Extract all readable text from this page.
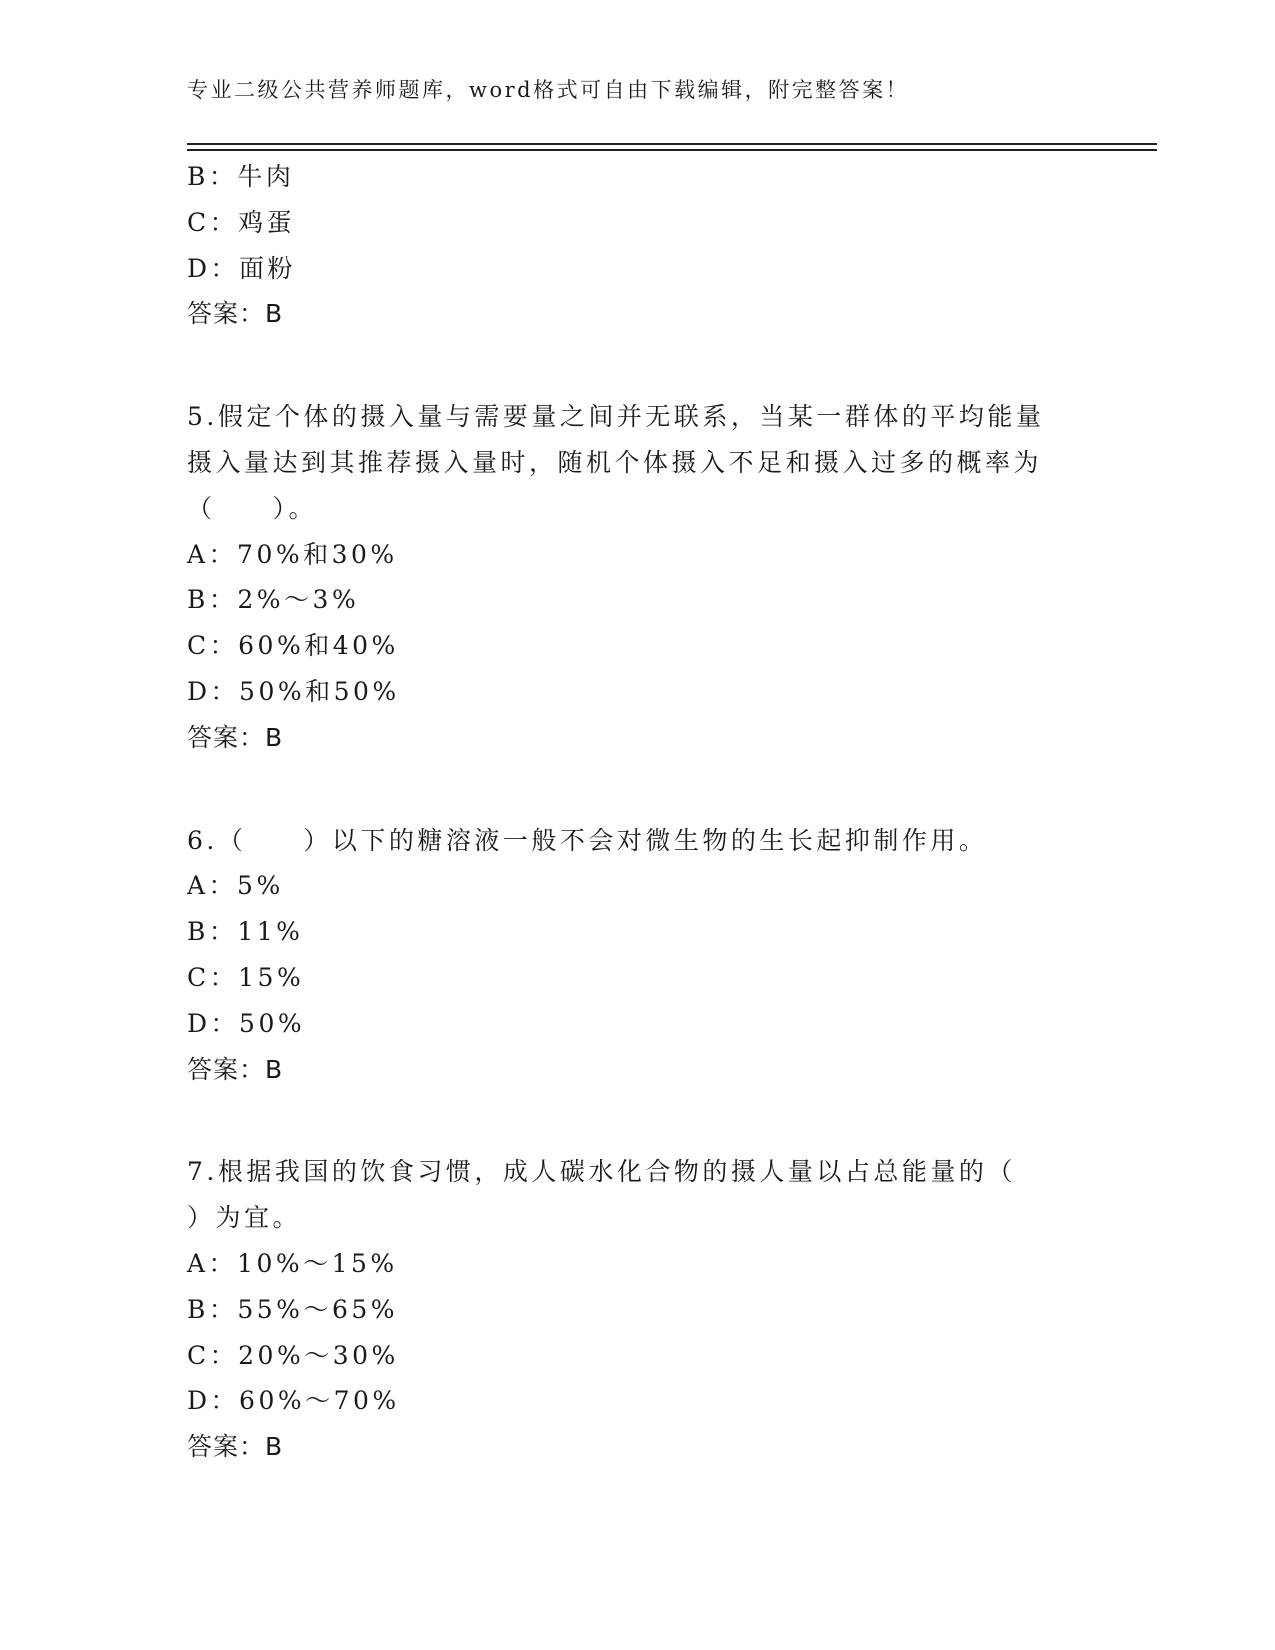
专业二级公共营养师题库，word格式可自由下载编辑，附完整答案！
B：牛肉
C：鸡蛋
D：面粉
答案：B
5.假定个体的摄入量与需要量之间并无联系，当某一群体的平均能量
摄入量达到其推荐摄入量时，随机个体摄入不足和摄入过多的概率为
（　　）。
A：70%和30%
B：2%～3%
C：60%和40%
D：50%和50%
答案：B
6.（　　）以下的糖溶液一般不会对微生物的生长起抑制作用。
A：5%
B：11%
C：15%
D：50%
答案：B
7.根据我国的饮食习惯，成人碳水化合物的摄人量以占总能量的（
）为宜。
A：10%～15%
B：55%～65%
C：20%～30%
D：60%～70%
答案：B
